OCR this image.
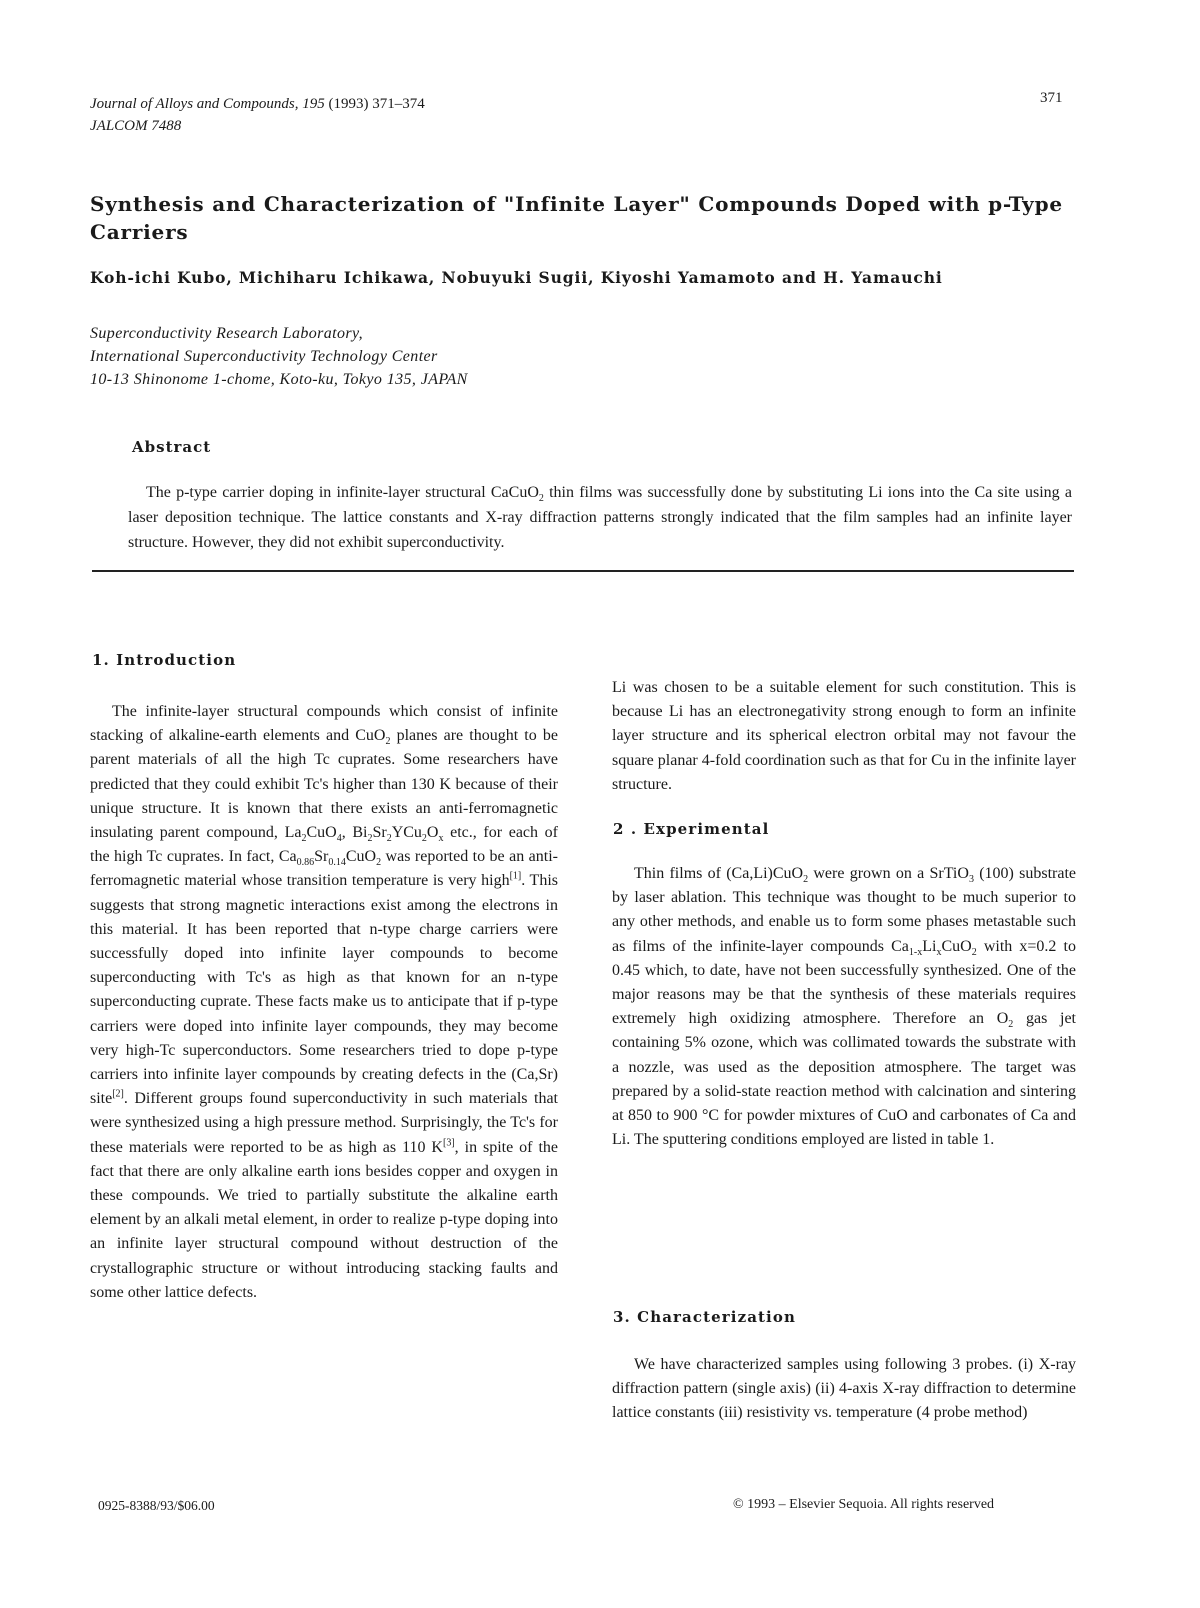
Journal of Alloys and Compounds, 195 (1993) 371–374
JALCOM 7488
371
Synthesis and Characterization of "Infinite Layer" Compounds Doped with p-Type Carriers
Koh-ichi Kubo, Michiharu Ichikawa, Nobuyuki Sugii, Kiyoshi Yamamoto and H. Yamauchi
Superconductivity Research Laboratory,
International Superconductivity Technology Center
10-13 Shinonome 1-chome, Koto-ku, Tokyo 135, JAPAN
Abstract
The p-type carrier doping in infinite-layer structural CaCuO$_2$ thin films was successfully done by substituting Li ions into the Ca site using a laser deposition technique. The lattice constants and X-ray diffraction patterns strongly indicated that the film samples had an infinite layer structure. However, they did not exhibit superconductivity.
1. Introduction

The infinite-layer structural compounds which consist of infinite stacking of alkaline-earth elements and CuO$_2$ planes are thought to be parent materials of all the high Tc cuprates. Some researchers have predicted that they could exhibit Tc's higher than 130 K because of their unique structure. It is known that there exists an anti-ferromagnetic insulating parent compound, $La_2CuO_4$, $Bi_2Sr_2YCu_2O_x$ etc., for each of the high Tc cuprates. In fact, $Ca_{0.86}Sr_{0.14}CuO_2$ was reported to be an anti-ferromagnetic material whose transition temperature is very high[1]. This suggests that strong magnetic interactions exist among the electrons in this material. It has been reported that n-type charge carriers were successfully doped into infinite layer compounds to become superconducting with Tc's as high as that known for an n-type superconducting cuprate. These facts make us to anticipate that if p-type carriers were doped into infinite layer compounds, they may become very high-Tc superconductors. Some researchers tried to dope p-type carriers into infinite layer compounds by creating defects in the (Ca,Sr) site[2]. Different groups found superconductivity in such materials that were synthesized using a high pressure method. Surprisingly, the Tc's for these materials were reported to be as high as 110 K[3], in spite of the fact that there are only alkaline earth ions besides copper and oxygen in these compounds. We tried to partially substitute the alkaline earth element by an alkali metal element, in order to realize p-type doping into an infinite layer structural compound without destruction of the crystallographic structure or without introducing stacking faults and some other lattice defects.

Li was chosen to be a suitable element for such constitution. This is because Li has an electronegativity strong enough to form an infinite layer structure and its spherical electron orbital may not favour the square planar 4-fold coordination such as that for Cu in the infinite layer structure.

2 . Experimental

Thin films of (Ca,Li)CuO$_2$ were grown on a SrTiO$_3$ (100) substrate by laser ablation. This technique was thought to be much superior to any other methods, and enable us to form some phases metastable such as films of the infinite-layer compounds $Ca_{1-x}Li_xCuO_2$ with x=0.2 to 0.45 which, to date, have not been successfully synthesized. One of the major reasons may be that the synthesis of these materials requires extremely high oxidizing atmosphere. Therefore an $O_2$ gas jet containing 5% ozone, which was collimated towards the substrate with a nozzle, was used as the deposition atmosphere. The target was prepared by a solid-state reaction method with calcination and sintering at 850 to 900 °C for powder mixtures of CuO and carbonates of Ca and Li. The sputtering conditions employed are listed in table 1.

3. Characterization

We have characterized samples using following 3 probes. (i) X-ray diffraction pattern (single axis) (ii) 4-axis X-ray diffraction to determine lattice constants (iii) resistivity vs. temperature (4 probe method)

0925-8388/93/$06.00	© 1993 – Elsevier Sequoia. All rights reserved
